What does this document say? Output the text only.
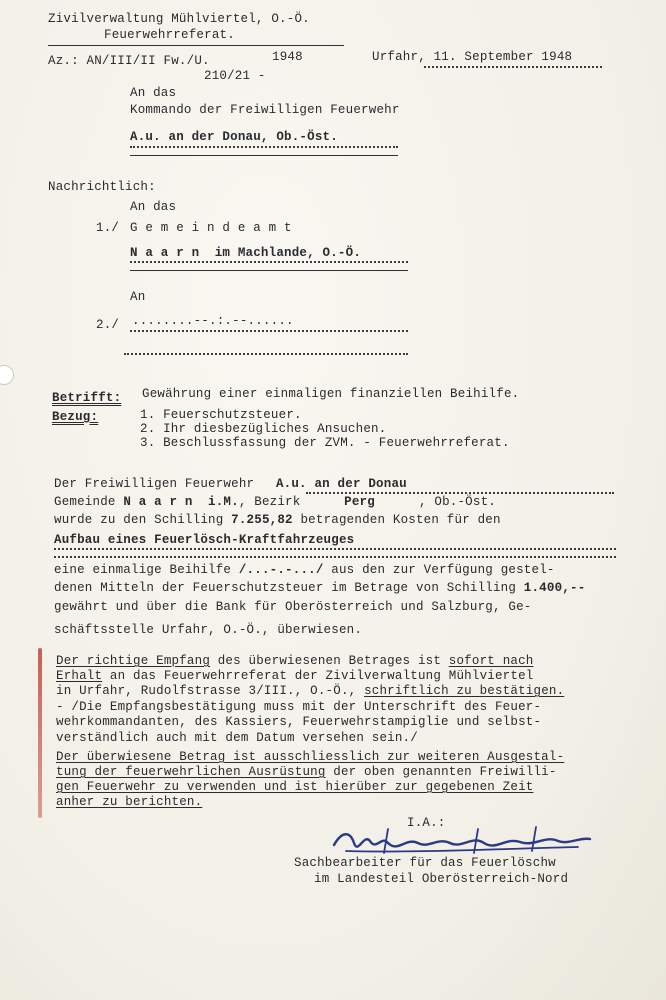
Zivilverwaltung Mühlviertel, O.-Ö.
Feuerwehrreferat.
Az.: AN/III/II Fw./U.	1948
210/21 -
Urfahr, 11. September 1948
An das
Kommando der Freiwilligen Feuerwehr
A.u. an der Donau, Ob.-Öst.
Nachrichtlich:
An das
1./ G e m e i n d e a m t
N a a r n  im Machlande, O.-Ö.
An
2./ ........--.:.--......
Betrifft: Gewährung einer einmaligen finanziellen Beihilfe.
Bezug:	1. Feuerschutzsteuer.
2. Ihr diesbezügliches Ansuchen.
3. Beschlussfassung der ZVM. - Feuerwehrreferat.
Der Freiwilligen Feuerwehr A.u. an der Donau
Gemeinde N a a r n  i.M., Bezirk	Perg	, Ob.-Öst.
wurde zu den Schilling 7.255,82 betragenden Kosten für den
Aufbau eines Feuerlösch-Kraftfahrzeuges
eine einmalige Beihilfe /...-.-.../ aus den zur Verfügung gestel-
denen Mitteln der Feuerschutzsteuer im Betrage von Schilling 1.400,--
gewährt und über die Bank für Oberösterreich und Salzburg, Ge-
schäftsstelle Urfahr, O.-Ö., überwiesen.
Der richtige Empfang des überwiesenen Betrages ist sofort nach
Erhalt an das Feuerwehrreferat der Zivilverwaltung Mühlviertel
in Urfahr, Rudolfstrasse 3/III., O.-Ö., schriftlich zu bestätigen.
- /Die Empfangsbestätigung muss mit der Unterschrift des Feuer-
wehrkommandanten, des Kassiers, Feuerwehrstampiglie und selbst-
verständlich auch mit dem Datum versehen sein./
Der überwiesene Betrag ist ausschliesslich zur weiteren Ausgestal-
tung der feuerwehrlichen Ausrüstung der oben genannten Freiwilli-
gen Feuerwehr zu verwenden und ist hierüber zur gegebenen Zeit
anher zu berichten.
I.A.:
Sachbearbeiter für das Feuerlöschw
im Landesteil Oberösterreich-Nord
